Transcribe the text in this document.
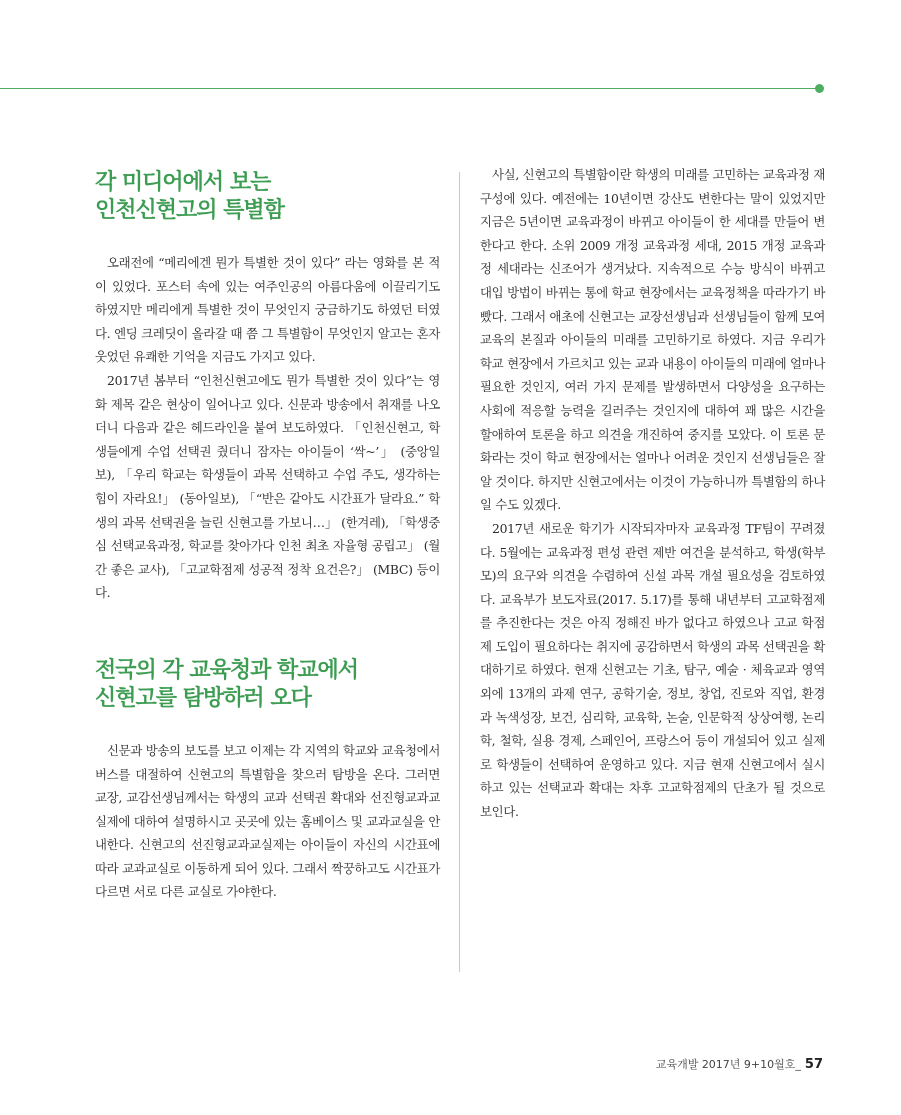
각 미디어에서 보는
인천신현고의 특별함

오래전에 “메리에겐 뭔가 특별한 것이 있다” 라는 영화를 본 적이 있었다. 포스터 속에 있는 여주인공의 아름다움에 이끌리기도 하였지만 메리에게 특별한 것이 무엇인지 궁금하기도 하였던 터였다. 엔딩 크레딧이 올라갈 때 쯤 그 특별함이 무엇인지 알고는 혼자 웃었던 유쾌한 기억을 지금도 가지고 있다.

2017년 봄부터 “인천신현고에도 뭔가 특별한 것이 있다”는 영화 제목 같은 현상이 일어나고 있다. 신문과 방송에서 취재를 나오더니 다음과 같은 헤드라인을 붙여 보도하였다. 「인천신현고, 학생들에게 수업 선택권 줬더니 잠자는 아이들이 ‘싹~’」 (중앙일보), 「우리 학교는 학생들이 과목 선택하고 수업 주도, 생각하는 힘이 자라요!」 (동아일보), 「“반은 같아도 시간표가 달라요.” 학생의 과목 선택권을 늘린 신현고를 가보니…」 (한겨레), 「학생중심 선택교육과정, 학교를 찾아가다 인천 최초 자율형 공립고」 (월간 좋은 교사), 「고교학점제 성공적 정착 요건은?」 (MBC) 등이다.

전국의 각 교육청과 학교에서
신현고를 탐방하러 오다

신문과 방송의 보도를 보고 이제는 각 지역의 학교와 교육청에서 버스를 대절하여 신현고의 특별함을 찾으러 탐방을 온다. 그러면 교장, 교감선생님께서는 학생의 교과 선택권 확대와 선진형교과교실제에 대하여 설명하시고 곳곳에 있는 홈베이스 및 교과교실을 안내한다. 신현고의 선진형교과교실제는 아이들이 자신의 시간표에 따라 교과교실로 이동하게 되어 있다. 그래서 짝꿍하고도 시간표가 다르면 서로 다른 교실로 가야한다.

사실, 신현고의 특별함이란 학생의 미래를 고민하는 교육과정 재구성에 있다. 예전에는 10년이면 강산도 변한다는 말이 있었지만 지금은 5년이면 교육과정이 바뀌고 아이들이 한 세대를 만들어 변한다고 한다. 소위 2009 개정 교육과정 세대, 2015 개정 교육과정 세대라는 신조어가 생겨났다. 지속적으로 수능 방식이 바뀌고 대입 방법이 바뀌는 통에 학교 현장에서는 교육정책을 따라가기 바빴다. 그래서 애초에 신현고는 교장선생님과 선생님들이 함께 모여 교육의 본질과 아이들의 미래를 고민하기로 하였다. 지금 우리가 학교 현장에서 가르치고 있는 교과 내용이 아이들의 미래에 얼마나 필요한 것인지, 여러 가지 문제를 발생하면서 다양성을 요구하는 사회에 적응할 능력을 길러주는 것인지에 대하여 꽤 많은 시간을 할애하여 토론을 하고 의견을 개진하여 중지를 모았다. 이 토론 문화라는 것이 학교 현장에서는 얼마나 어려운 것인지 선생님들은 잘 알 것이다. 하지만 신현고에서는 이것이 가능하니까 특별함의 하나일 수도 있겠다.

2017년 새로운 학기가 시작되자마자 교육과정 TF팀이 꾸려졌다. 5월에는 교육과정 편성 관련 제반 여건을 분석하고, 학생(학부모)의 요구와 의견을 수렴하여 신설 과목 개설 필요성을 검토하였다. 교육부가 보도자료(2017. 5.17)를 통해 내년부터 고교학점제를 추진한다는 것은 아직 정해진 바가 없다고 하였으나 고교 학점제 도입이 필요하다는 취지에 공감하면서 학생의 과목 선택권을 확대하기로 하였다. 현재 신현고는 기초, 탐구, 예술 · 체육교과 영역 외에 13개의 과제 연구, 공학기술, 정보, 창업, 진로와 직업, 환경과 녹색성장, 보건, 심리학, 교육학, 논술, 인문학적 상상여행, 논리학, 철학, 실용 경제, 스페인어, 프랑스어 등이 개설되어 있고 실제로 학생들이 선택하여 운영하고 있다. 지금 현재 신현고에서 실시하고 있는 선택교과 확대는 차후 고교학점제의 단초가 될 것으로 보인다.

교육개발 2017년 9+10월호_ 57
